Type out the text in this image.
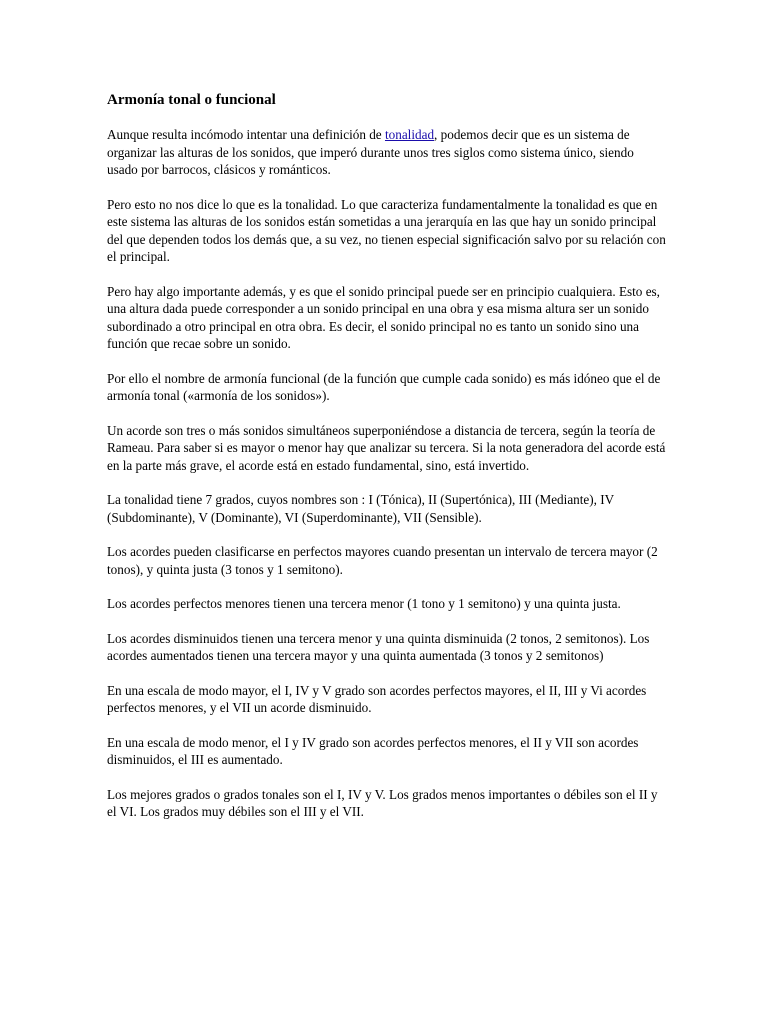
Armonía tonal o funcional

Aunque resulta incómodo intentar una definición de tonalidad, podemos decir que es un sistema de organizar las alturas de los sonidos, que imperó durante unos tres siglos como sistema único, siendo usado por barrocos, clásicos y románticos.

Pero esto no nos dice lo que es la tonalidad. Lo que caracteriza fundamentalmente la tonalidad es que en este sistema las alturas de los sonidos están sometidas a una jerarquía en las que hay un sonido principal del que dependen todos los demás que, a su vez, no tienen especial significación salvo por su relación con el principal.

Pero hay algo importante además, y es que el sonido principal puede ser en principio cualquiera. Esto es, una altura dada puede corresponder a un sonido principal en una obra y esa misma altura ser un sonido subordinado a otro principal en otra obra. Es decir, el sonido principal no es tanto un sonido sino una función que recae sobre un sonido.

Por ello el nombre de armonía funcional (de la función que cumple cada sonido) es más idóneo que el de armonía tonal («armonía de los sonidos»).

Un acorde son tres o más sonidos simultáneos superponiéndose a distancia de tercera, según la teoría de Rameau. Para saber si es mayor o menor hay que analizar su tercera. Si la nota generadora del acorde está en la parte más grave, el acorde está en estado fundamental, sino, está invertido.

La tonalidad tiene 7 grados, cuyos nombres son : I (Tónica), II (Supertónica), III (Mediante), IV (Subdominante), V (Dominante), VI (Superdominante), VII (Sensible).

Los acordes pueden clasificarse en perfectos mayores cuando presentan un intervalo de tercera mayor (2 tonos), y quinta justa (3 tonos y 1 semitono).

Los acordes perfectos menores tienen una tercera menor (1 tono y 1 semitono) y una quinta justa.

Los acordes disminuidos tienen una tercera menor y una quinta disminuida (2 tonos, 2 semitonos). Los acordes aumentados tienen una tercera mayor y una quinta aumentada (3 tonos y 2 semitonos)

En una escala de modo mayor, el I, IV y V grado son acordes perfectos mayores, el II, III y Vi acordes perfectos menores, y el VII un acorde disminuido.

En una escala de modo menor, el I y IV grado son acordes perfectos menores, el II y VII son acordes disminuidos, el III es aumentado.

Los mejores grados o grados tonales son el I, IV y V. Los grados menos importantes o débiles son el II y el VI. Los grados muy débiles son el III y el VII.
